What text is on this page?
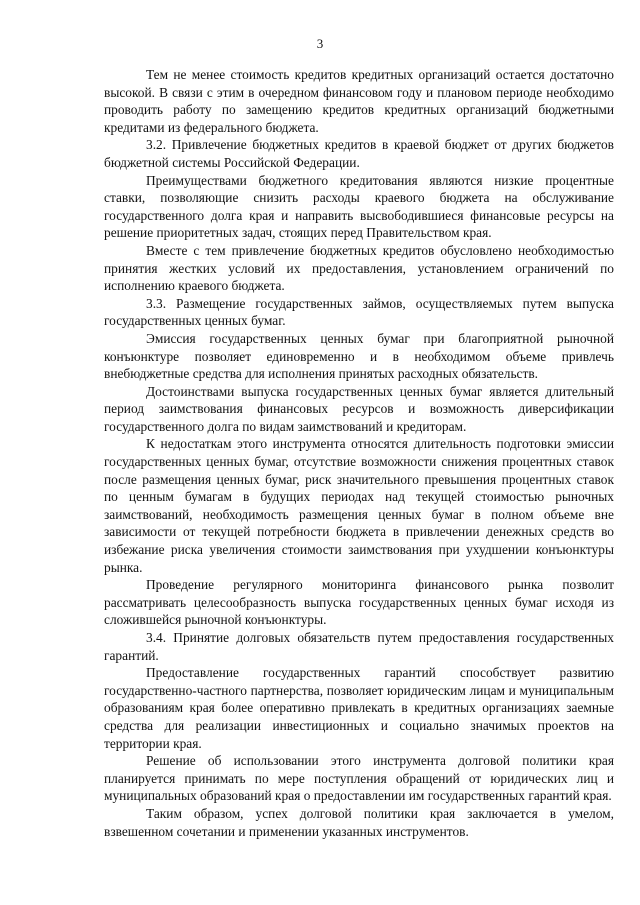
3

Тем не менее стоимость кредитов кредитных организаций остается достаточно высокой. В связи с этим в очередном финансовом году и плановом периоде необходимо проводить работу по замещению кредитов кредитных организаций бюджетными кредитами из федерального бюджета.

3.2. Привлечение бюджетных кредитов в краевой бюджет от других бюджетов бюджетной системы Российской Федерации.

Преимуществами бюджетного кредитования являются низкие процентные ставки, позволяющие снизить расходы краевого бюджета на обслуживание государственного долга края и направить высвободившиеся финансовые ресурсы на решение приоритетных задач, стоящих перед Правительством края.

Вместе с тем привлечение бюджетных кредитов обусловлено необходимостью принятия жестких условий их предоставления, установлением ограничений по исполнению краевого бюджета.

3.3. Размещение государственных займов, осуществляемых путем выпуска государственных ценных бумаг.

Эмиссия государственных ценных бумаг при благоприятной рыночной конъюнктуре позволяет единовременно и в необходимом объеме привлечь внебюджетные средства для исполнения принятых расходных обязательств.

Достоинствами выпуска государственных ценных бумаг является длительный период заимствования финансовых ресурсов и возможность диверсификации государственного долга по видам заимствований и кредиторам.

К недостаткам этого инструмента относятся длительность подготовки эмиссии государственных ценных бумаг, отсутствие возможности снижения процентных ставок после размещения ценных бумаг, риск значительного превышения процентных ставок по ценным бумагам в будущих периодах над текущей стоимостью рыночных заимствований, необходимость размещения ценных бумаг в полном объеме вне зависимости от текущей потребности бюджета в привлечении денежных средств во избежание риска увеличения стоимости заимствования при ухудшении конъюнктуры рынка.

Проведение регулярного мониторинга финансового рынка позволит рассматривать целесообразность выпуска государственных ценных бумаг исходя из сложившейся рыночной конъюнктуры.

3.4. Принятие долговых обязательств путем предоставления государственных гарантий.

Предоставление государственных гарантий способствует развитию государственно-частного партнерства, позволяет юридическим лицам и муниципальным образованиям края более оперативно привлекать в кредитных организациях заемные средства для реализации инвестиционных и социально значимых проектов на территории края.

Решение об использовании этого инструмента долговой политики края планируется принимать по мере поступления обращений от юридических лиц и муниципальных образований края о предоставлении им государственных гарантий края.

Таким образом, успех долговой политики края заключается в умелом, взвешенном сочетании и применении указанных инструментов.
